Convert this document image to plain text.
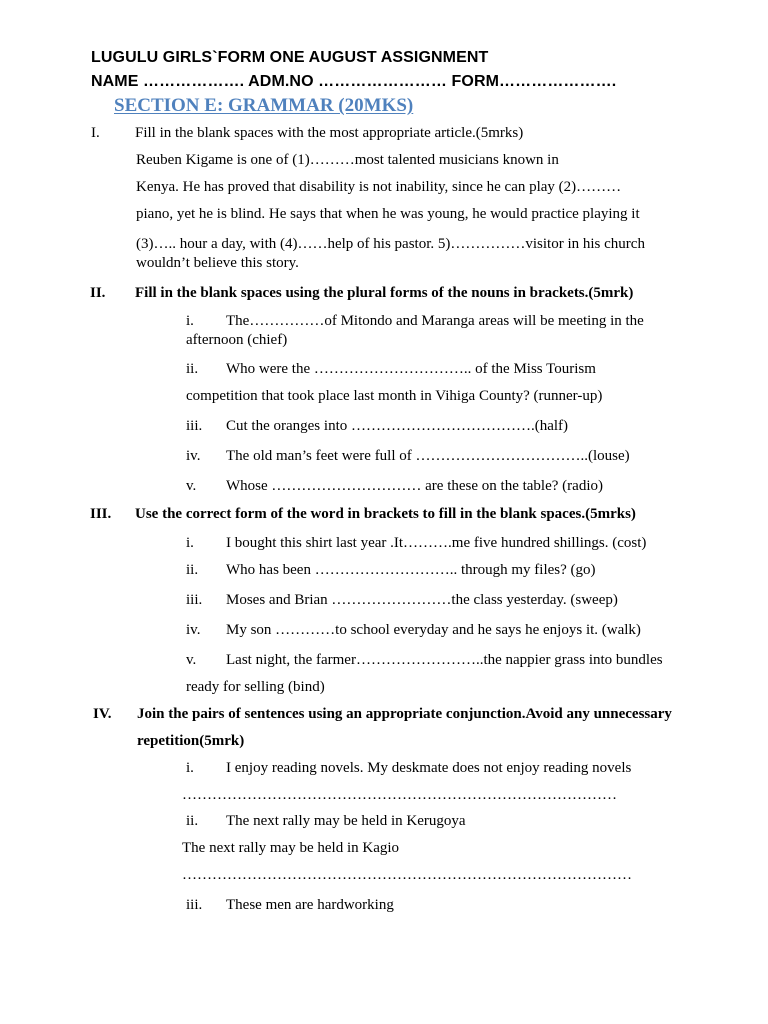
LUGULU GIRLS`FORM ONE AUGUST ASSIGNMENT
NAME ………………. ADM.NO …………………… FORM………………….
SECTION E: GRAMMAR (20MKS)
I. Fill in the blank spaces with the most appropriate article.(5mrks)
Reuben Kigame is one of (1)………most talented musicians known in
Kenya. He has proved that disability is not inability, since he can play (2)………
piano, yet he is blind. He says that when he was young, he would practice playing it
(3)….. hour a day, with (4)……help of his pastor. 5)……………visitor in his church
wouldn’t believe this story.
II. Fill in the blank spaces using the plural forms of the nouns in brackets.(5mrk)
i. The……………of Mitondo and Maranga areas will be meeting in the
afternoon (chief)
ii. Who were the ………………………….. of the Miss Tourism
competition that took place last month in Vihiga County? (runner-up)
iii. Cut the oranges into ……………………………….(half)
iv. The old man’s feet were full of ……………………………..(louse)
v. Whose ………………………… are these on the table? (radio)
III. Use the correct form of the word in brackets to fill in the blank spaces.(5mrks)
i. I bought this shirt last year .It……….me five hundred shillings. (cost)
ii. Who has been ……………………….. through my files? (go)
iii. Moses and Brian ……………………the class yesterday. (sweep)
iv. My son …………to school everyday and he says he enjoys it. (walk)
v. Last night, the farmer……………………..the nappier grass into bundles
ready for selling (bind)
IV. Join the pairs of sentences using an appropriate conjunction.Avoid any unnecessary
repetition(5mrk)
i. I enjoy reading novels. My deskmate does not enjoy reading novels
……………………………………………………………………………
ii. The next rally may be held in Kerugoya
The next rally may be held in Kagio
………………………………………………………………………………
iii. These men are hardworking
